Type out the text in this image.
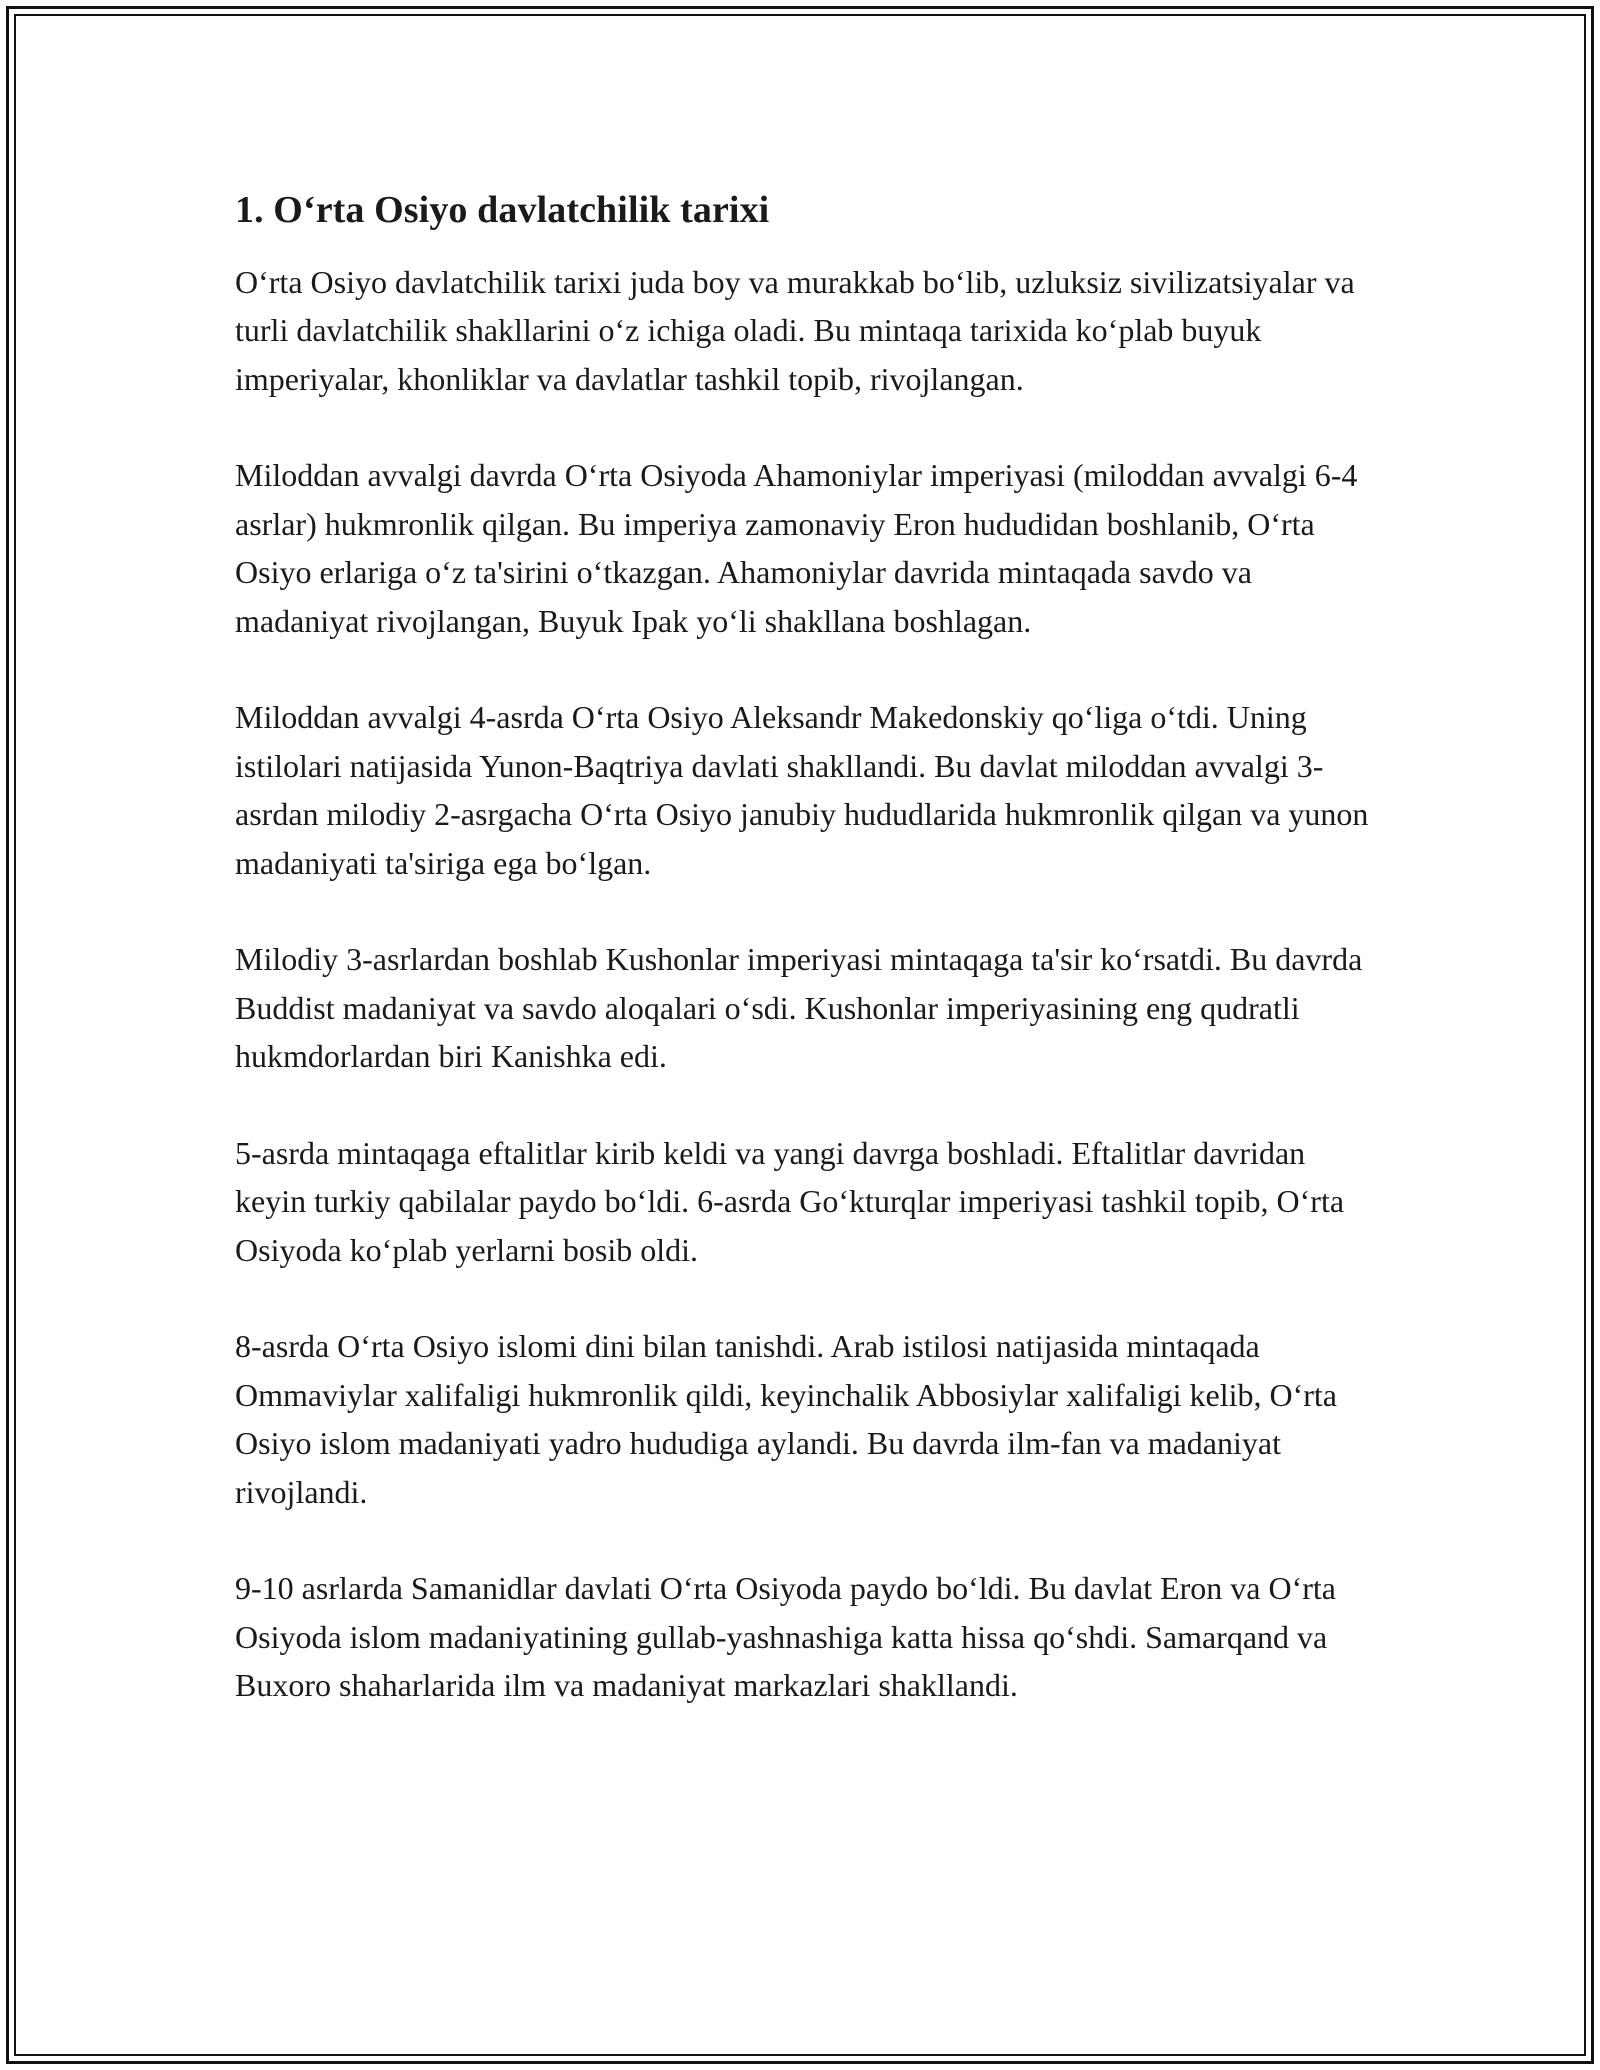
1. O‘rta Osiyo davlatchilik tarixi

O‘rta Osiyo davlatchilik tarixi juda boy va murakkab bo‘lib, uzluksiz sivilizatsiyalar va turli davlatchilik shakllarini o‘z ichiga oladi. Bu mintaqa tarixida ko‘plab buyuk imperiyalar, khonliklar va davlatlar tashkil topib, rivojlangan.

Miloddan avvalgi davrda O‘rta Osiyoda Ahamoniylar imperiyasi (miloddan avvalgi 6-4 asrlar) hukmronlik qilgan. Bu imperiya zamonaviy Eron hududidan boshlanib, O‘rta Osiyo erlariga o‘z ta'sirini o‘tkazgan. Ahamoniylar davrida mintaqada savdo va madaniyat rivojlangan, Buyuk Ipak yo‘li shakllana boshlagan.

Miloddan avvalgi 4-asrda O‘rta Osiyo Aleksandr Makedonskiy qo‘liga o‘tdi. Uning istilolari natijasida Yunon-Baqtriya davlati shakllandi. Bu davlat miloddan avvalgi 3-asrdan milodiy 2-asrgacha O‘rta Osiyo janubiy hududlarida hukmronlik qilgan va yunon madaniyati ta'siriga ega bo‘lgan.

Milodiy 3-asrlardan boshlab Kushonlar imperiyasi mintaqaga ta'sir ko‘rsatdi. Bu davrda Buddist madaniyat va savdo aloqalari o‘sdi. Kushonlar imperiyasining eng qudratli hukmdorlardan biri Kanishka edi.

5-asrda mintaqaga eftalitlar kirib keldi va yangi davrga boshladi. Eftalitlar davridan keyin turkiy qabilalar paydo bo‘ldi. 6-asrda Go‘kturqlar imperiyasi tashkil topib, O‘rta Osiyoda ko‘plab yerlarni bosib oldi.

8-asrda O‘rta Osiyo islomi dini bilan tanishdi. Arab istilosi natijasida mintaqada Ommaviylar xalifaligi hukmronlik qildi, keyinchalik Abbosiylar xalifaligi kelib, O‘rta Osiyo islom madaniyati yadro hududiga aylandi. Bu davrda ilm-fan va madaniyat rivojlandi.

9-10 asrlarda Samanidlar davlati O‘rta Osiyoda paydo bo‘ldi. Bu davlat Eron va O‘rta Osiyoda islom madaniyatining gullab-yashnashiga katta hissa qo‘shdi. Samarqand va Buxoro shaharlarida ilm va madaniyat markazlari shakllandi.
